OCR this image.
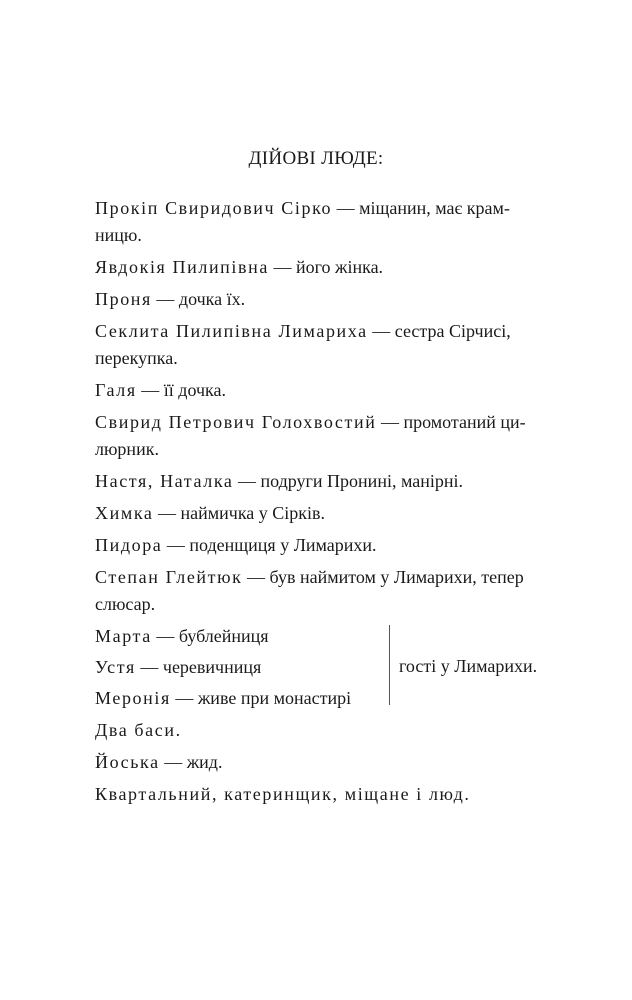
ДІЙОВІ ЛЮДЕ:
Прокіп Свиридович Сірко — міщанин, має крам-
ницю.
Явдокія Пилипівна — його жінка.
Проня — дочка їх.
Секлита Пилипівна Лимариха — сестра Сірчисі,
перекупка.
Галя — її дочка.
Свирид Петрович Голохвостий — промотаний ци-
люрник.
Настя, Наталка — подруги Пронині, манірні.
Химка — наймичка у Сірків.
Пидора — поденщиця у Лимарихи.
Степан Глейтюк — був наймитом у Лимарихи, тепер
слюсар.
Марта — бублейниця
Устя — черевичниця
Меронія — живе при монастирі
гості у Лимарихи.
Два баси.
Йоська — жид.
Квартальний, катеринщик, міщане і люд.
